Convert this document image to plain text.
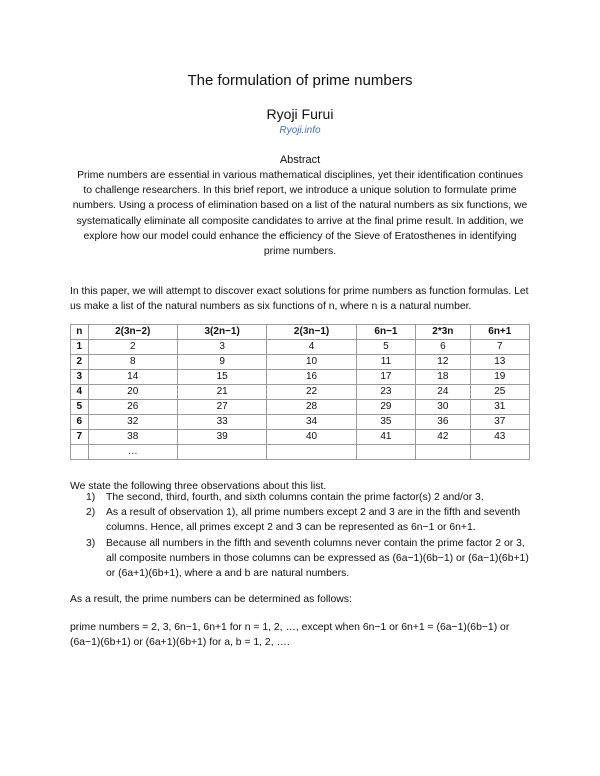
The formulation of prime numbers
Ryoji Furui
Ryoji.info
Abstract
Prime numbers are essential in various mathematical disciplines, yet their identification continues to challenge researchers. In this brief report, we introduce a unique solution to formulate prime numbers. Using a process of elimination based on a list of the natural numbers as six functions, we systematically eliminate all composite candidates to arrive at the final prime result. In addition, we explore how our model could enhance the efficiency of the Sieve of Eratosthenes in identifying prime numbers.
In this paper, we will attempt to discover exact solutions for prime numbers as function formulas. Let us make a list of the natural numbers as six functions of n, where n is a natural number.
n	2(3n−2)	3(2n−1)	2(3n−1)	6n−1	2*3n	6n+1
1	2	3	4	5	6	7
2	8	9	10	11	12	13
3	14	15	16	17	18	19
4	20	21	22	23	24	25
5	26	27	28	29	30	31
6	32	33	34	35	36	37
7	38	39	40	41	42	43
	…					
We state the following three observations about this list.
1) The second, third, fourth, and sixth columns contain the prime factor(s) 2 and/or 3.
2) As a result of observation 1), all prime numbers except 2 and 3 are in the fifth and seventh columns. Hence, all primes except 2 and 3 can be represented as 6n−1 or 6n+1.
3) Because all numbers in the fifth and seventh columns never contain the prime factor 2 or 3, all composite numbers in those columns can be expressed as (6a−1)(6b−1) or (6a−1)(6b+1) or (6a+1)(6b+1), where a and b are natural numbers.
As a result, the prime numbers can be determined as follows:
prime numbers = 2, 3, 6n−1, 6n+1 for n = 1, 2, …, except when 6n−1 or 6n+1 = (6a−1)(6b−1) or (6a−1)(6b+1) or (6a+1)(6b+1) for a, b = 1, 2, ….
